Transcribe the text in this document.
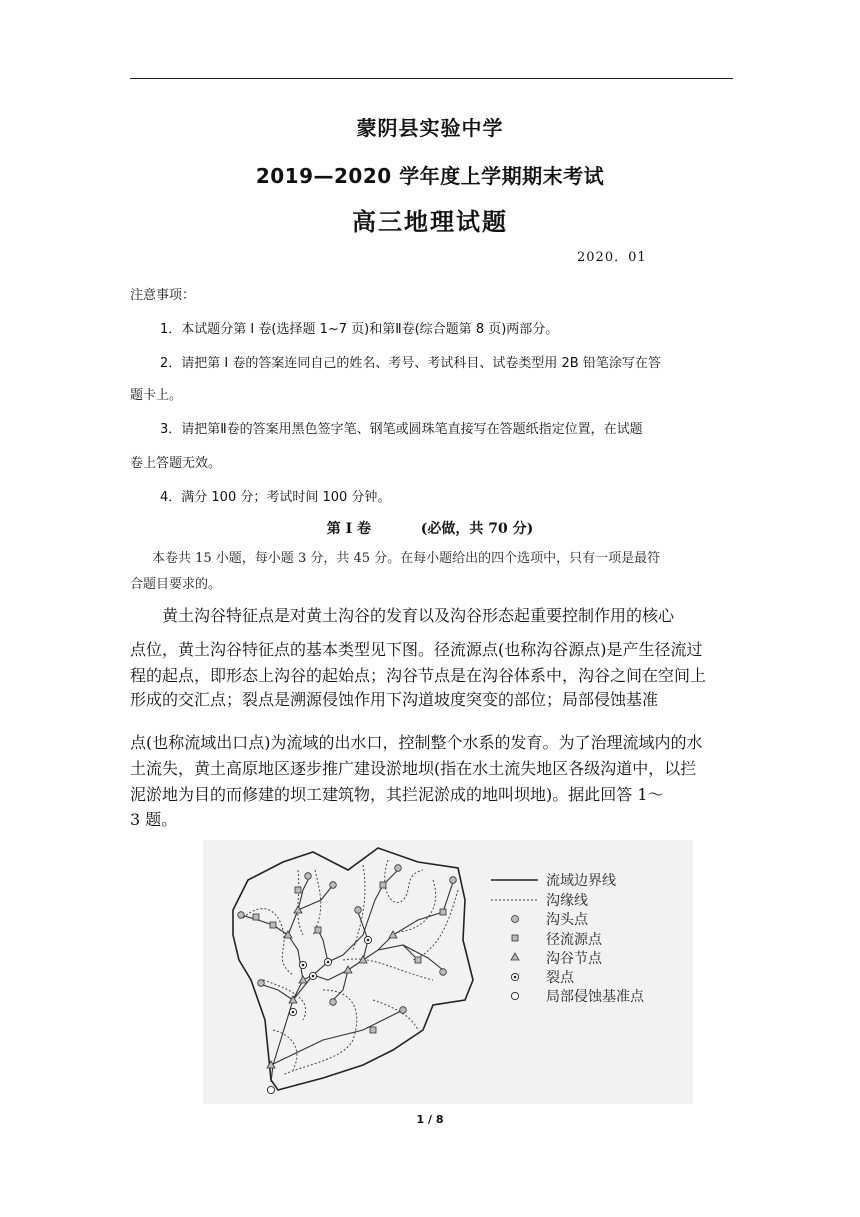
蒙阴县实验中学
2019—2020 学年度上学期期末考试
高三地理试题
2020．01
注意事项：
1．本试题分第 Ⅰ 卷(选择题 1~7 页)和第Ⅱ卷(综合题第 8 页)两部分。
2．请把第 Ⅰ 卷的答案连同自己的姓名、考号、考试科目、试卷类型用 2B 铅笔涂写在答
题卡上。
3．请把第Ⅱ卷的答案用黑色签字笔、钢笔或圆珠笔直接写在答题纸指定位置，在试题
卷上答题无效。
4．满分 100 分；考试时间 100 分钟。
第 Ⅰ 卷	(必做，共 70 分)
本卷共 15 小题，每小题 3 分，共 45 分。在每小题给出的四个选项中，只有一项是最符
合题目要求的。
黄土沟谷特征点是对黄土沟谷的发育以及沟谷形态起重要控制作用的核心
点位，黄土沟谷特征点的基本类型见下图。径流源点(也称沟谷源点)是产生径流过
程的起点，即形态上沟谷的起始点；沟谷节点是在沟谷体系中，沟谷之间在空间上
形成的交汇点；裂点是溯源侵蚀作用下沟道坡度突变的部位；局部侵蚀基准
点(也称流域出口点)为流域的出水口，控制整个水系的发育。为了治理流域内的水
土流失，黄土高原地区逐步推广建设淤地坝(指在水土流失地区各级沟道中，以拦
泥淤地为目的而修建的坝工建筑物，其拦泥淤成的地叫坝地)。据此回答 1～
3 题。
流域边界线
沟缘线
沟头点
径流源点
沟谷节点
裂点
局部侵蚀基准点
1 / 8
